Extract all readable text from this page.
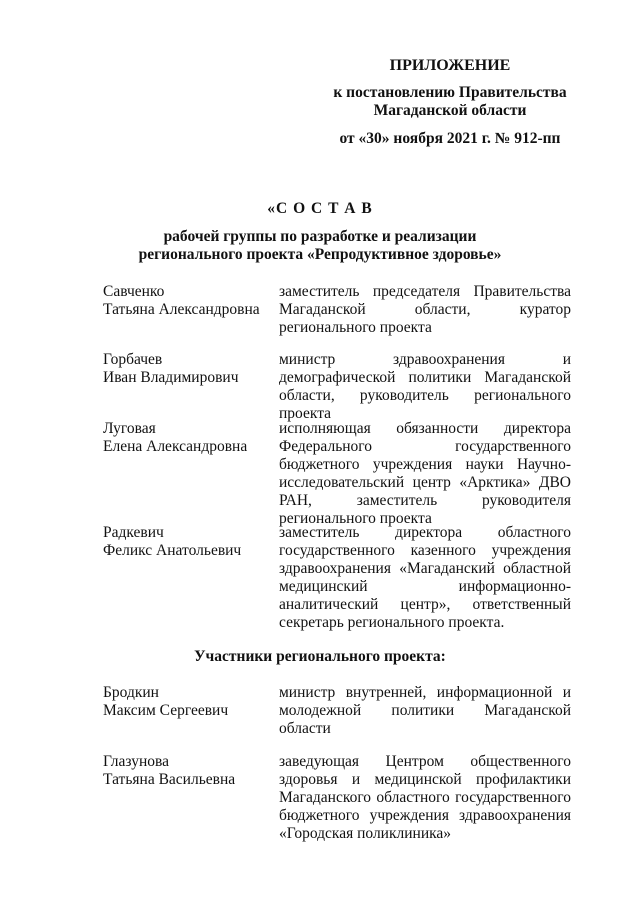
ПРИЛОЖЕНИЕ
к постановлению Правительства
Магаданской области
от «30» ноября 2021 г. № 912-пп
«С О С Т А В
рабочей группы по разработке и реализации
регионального проекта «Репродуктивное здоровье»
Савченко
Татьяна Александровна
заместитель председателя Правительства Магаданской области, куратор регионального проекта
Горбачев
Иван Владимирович
министр здравоохранения и демографической политики Магаданской области, руководитель регионального проекта
Луговая
Елена Александровна
исполняющая обязанности директора Федерального государственного бюджетного учреждения науки Научно-исследовательский центр «Арктика» ДВО РАН, заместитель руководителя регионального проекта
Радкевич
Феликс Анатольевич
заместитель директора областного государственного казенного учреждения здравоохранения «Магаданский областной медицинский информационно-аналитический центр», ответственный секретарь регионального проекта.
Участники регионального проекта:
Бродкин
Максим Сергеевич
министр внутренней, информационной и молодежной политики Магаданской области
Глазунова
Татьяна Васильевна
заведующая Центром общественного здоровья и медицинской профилактики Магаданского областного государственного бюджетного учреждения здравоохранения «Городская поликлиника»
